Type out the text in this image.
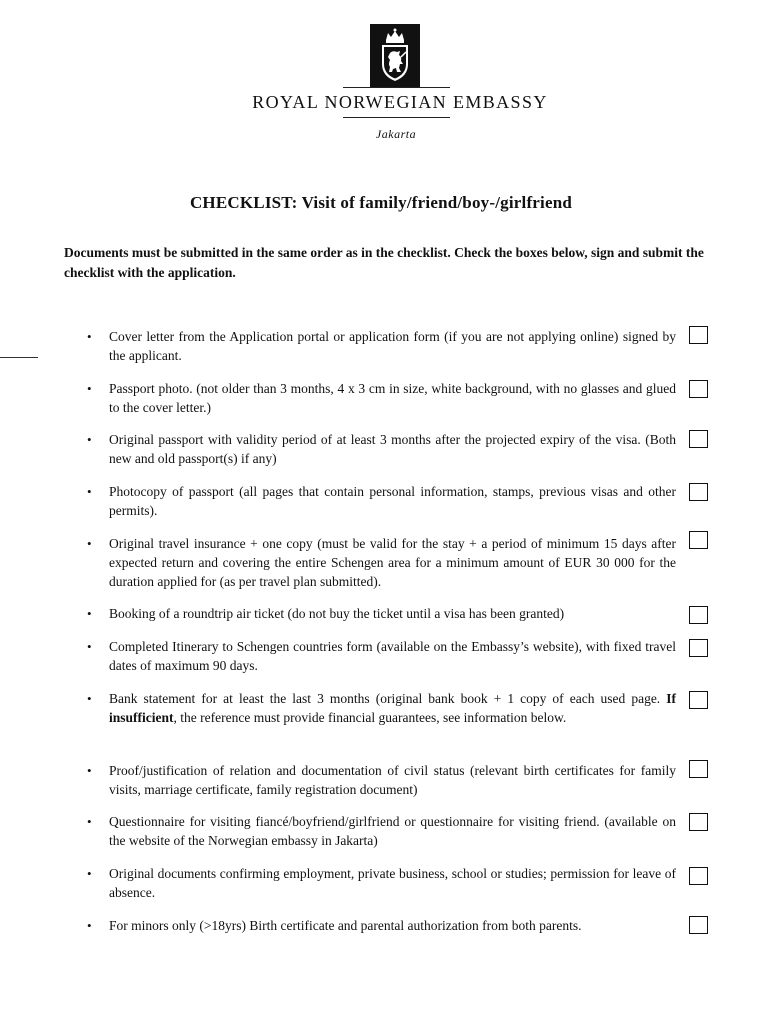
ROYAL NORWEGIAN EMBASSY
Jakarta
CHECKLIST: Visit of family/friend/boy-/girlfriend
Documents must be submitted in the same order as in the checklist. Check the boxes below, sign and submit the checklist with the application.
• Cover letter from the Application portal or application form (if you are not applying online) signed by the applicant.
• Passport photo. (not older than 3 months, 4 x 3 cm in size, white background, with no glasses and glued to the cover letter.)
• Original passport with validity period of at least 3 months after the projected expiry of the visa. (Both new and old passport(s) if any)
• Photocopy of passport (all pages that contain personal information, stamps, previous visas and other permits).
• Original travel insurance + one copy (must be valid for the stay + a period of minimum 15 days after expected return and covering the entire Schengen area for a minimum amount of EUR 30 000 for the duration applied for (as per travel plan submitted).
• Booking of a roundtrip air ticket (do not buy the ticket until a visa has been granted)
• Completed Itinerary to Schengen countries form (available on the Embassy’s website), with fixed travel dates of maximum 90 days.
• Bank statement for at least the last 3 months (original bank book + 1 copy of each used page. If insufficient, the reference must provide financial guarantees, see information below.
• Proof/justification of relation and documentation of civil status (relevant birth certificates for family visits, marriage certificate, family registration document)
• Questionnaire for visiting fiancé/boyfriend/girlfriend or questionnaire for visiting friend. (available on the website of the Norwegian embassy in Jakarta)
• Original documents confirming employment, private business, school or studies; permission for leave of absence.
• For minors only (>18yrs) Birth certificate and parental authorization from both parents.
